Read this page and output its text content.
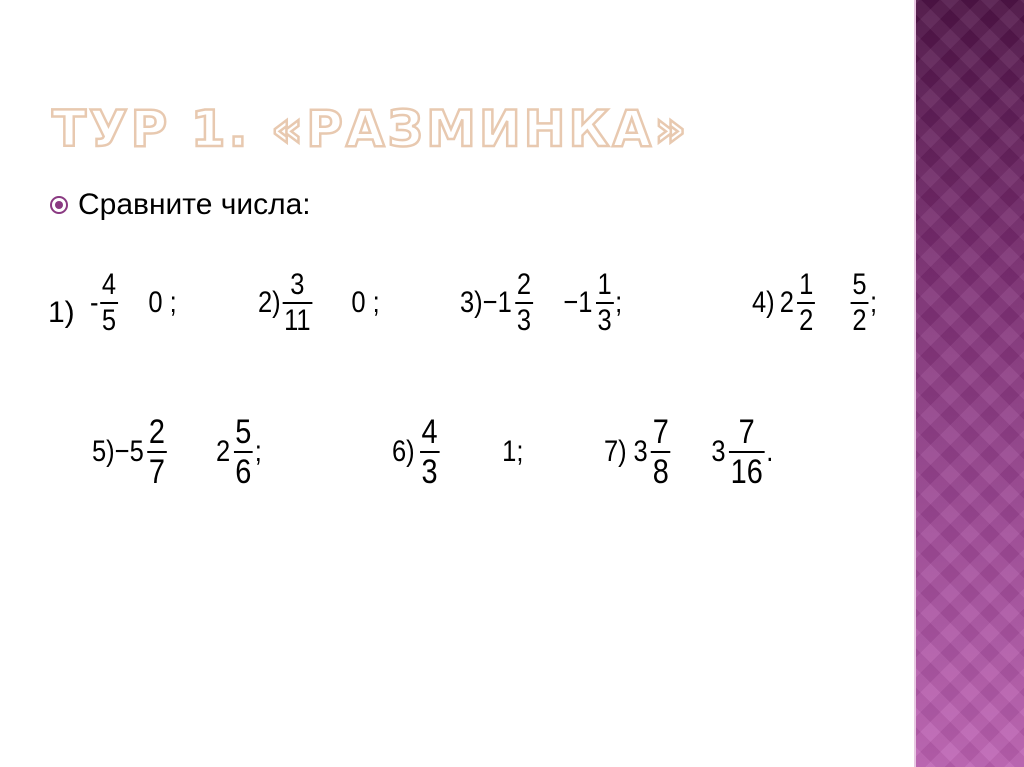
ТУР 1. «РАЗМИНКА»
Сравните числа:
$1) - \frac{4}{5} 0$ ;	$2) \frac{3}{11} 0$ ;	$3) - 1 \frac{2}{3} - 1 \frac{1}{3}$ ;	4) $2 \frac{1}{2} \frac{5}{2}$ ;
$5) - 5 \frac{2}{7} 2 \frac{5}{6}$ ;	$6) \frac{4}{3} 1$;	7) $3 \frac{7}{8} 3 \frac{7}{16}$ .
